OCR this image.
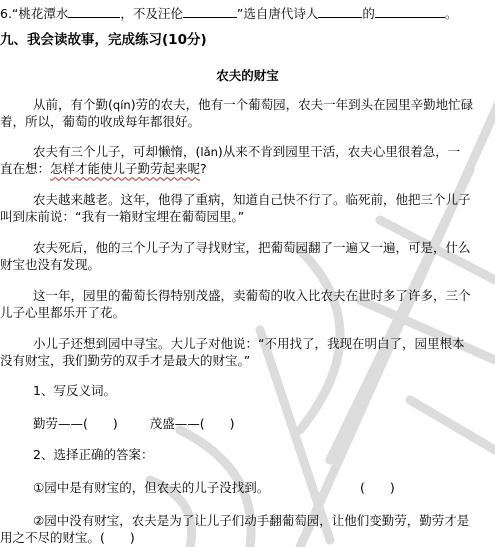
6.“桃花潭水	，不及汪伦	”选自唐代诗人	的	。
九、我会读故事，完成练习(10分)
农夫的财宝
从前，有个勤(qín)劳的农夫，他有一个葡萄园，农夫一年到头在园里辛勤地忙碌
着，所以，葡萄的收成每年都很好。
农夫有三个儿子，可却懒惰，(lǎn)从来不肯到园里干活，农夫心里很着急，一
直在想：怎样才能使儿子勤劳起来呢?
农夫越来越老。这年，他得了重病，知道自己快不行了。临死前，他把三个儿子
叫到床前说：“我有一箱财宝埋在葡萄园里。”
农夫死后，他的三个儿子为了寻找财宝，把葡萄园翻了一遍又一遍，可是，什么
财宝也没有发现。
这一年，园里的葡萄长得特别茂盛，卖葡萄的收入比农夫在世时多了许多，三个
儿子心里都乐开了花。
小儿子还想到园中寻宝。大儿子对他说：“不用找了，我现在明白了，园里根本
没有财宝，我们勤劳的双手才是最大的财宝。”
1、写反义词。
勤劳——(　　)	茂盛——(　　)
2、选择正确的答案：
①园中是有财宝的，但农夫的儿子没找到。	(　　)
②园中没有财宝，农夫是为了让儿子们动手翻葡萄园，让他们变勤劳，勤劳才是
用之不尽的财宝。(　　)
